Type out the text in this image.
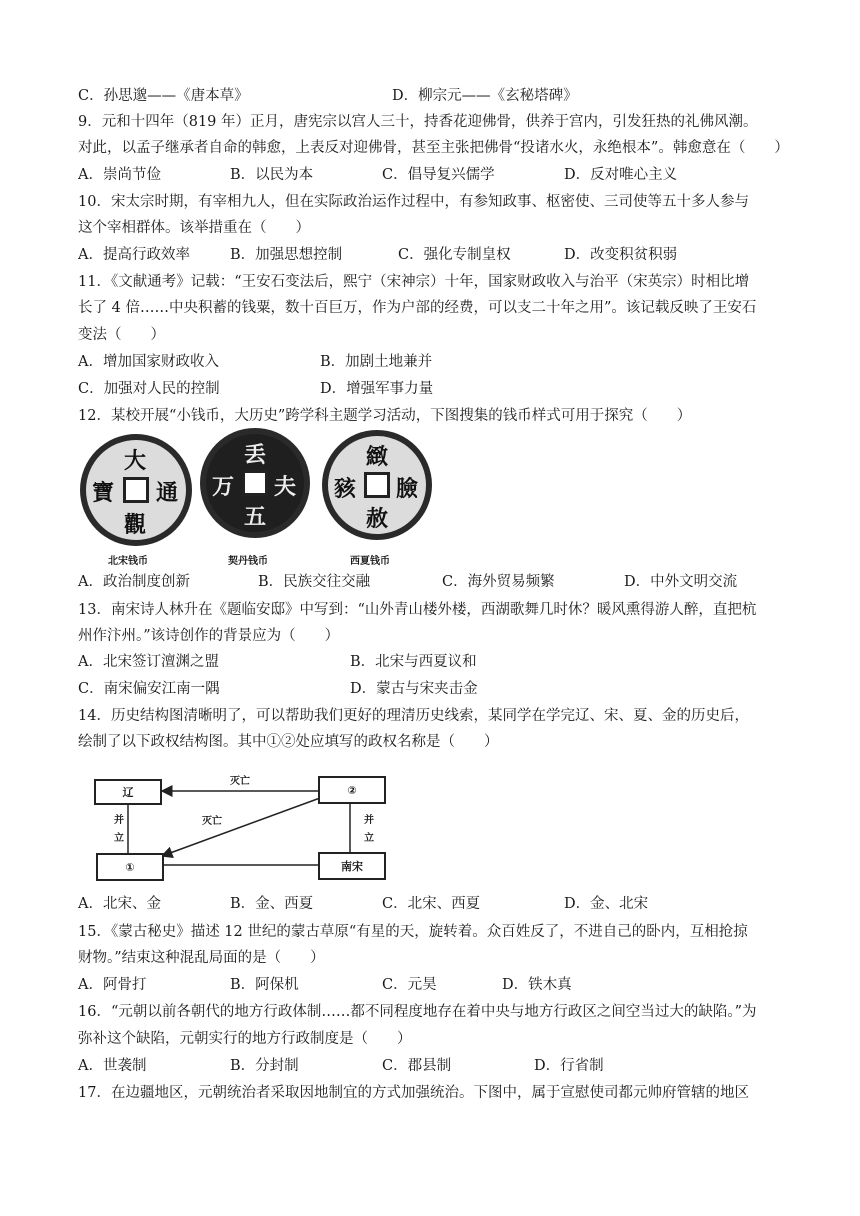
C．孙思邈——《唐本草》	D．柳宗元——《玄秘塔碑》
9．元和十四年（819 年）正月，唐宪宗以宫人三十，持香花迎佛骨，供养于宫内，引发狂热的礼佛风潮。
对此，以孟子继承者自命的韩愈，上表反对迎佛骨，甚至主张把佛骨“投诸水火，永绝根本”。韩愈意在（　　）
A．崇尚节俭	B．以民为本	C．倡导复兴儒学	D．反对唯心主义
10．宋太宗时期，有宰相九人，但在实际政治运作过程中，有参知政事、枢密使、三司使等五十多人参与
这个宰相群体。该举措重在（　　）
A．提高行政效率	B．加强思想控制	C．强化专制皇权	D．改变积贫积弱
11．《文献通考》记载：“王安石变法后，熙宁（宋神宗）十年，国家财政收入与治平（宋英宗）时相比增
长了 4 倍……中央积蓄的钱粟，数十百巨万，作为户部的经费，可以支二十年之用”。该记载反映了王安石
变法（　　）
A．增加国家财政收入	B．加剧土地兼并
C．加强对人民的控制	D．增强军事力量
12．某校开展“小钱币，大历史”跨学科主题学习活动，下图搜集的钱币样式可用于探究（　　）
大
觀
寶 通
北宋钱币
丢
五
万 夫
契丹钱币
緻
赦
豥 臉
西夏钱币
A．政治制度创新	B．民族交往交融	C．海外贸易频繁	D．中外文明交流
13．南宋诗人林升在《题临安邸》中写到：“山外青山楼外楼，西湖歌舞几时休？暖风熏得游人醉，直把杭
州作汴州。”该诗创作的背景应为（　　）
A．北宋签订澶渊之盟	B．北宋与西夏议和
C．南宋偏安江南一隅	D．蒙古与宋夹击金
14．历史结构图清晰明了，可以帮助我们更好的理清历史线索，某同学在学完辽、宋、夏、金的历史后，
绘制了以下政权结构图。其中①②处应填写的政权名称是（　　）
辽	②
①	南宋
灭亡
灭亡
并立
并立
A．北宋、金	B．金、西夏	C．北宋、西夏	D．金、北宋
15．《蒙古秘史》描述 12 世纪的蒙古草原“有星的天，旋转着。众百姓反了，不进自己的卧内，互相抢掠
财物。”结束这种混乱局面的是（　　）
A．阿骨打	B．阿保机	C．元昊	D．铁木真
16．“元朝以前各朝代的地方行政体制……都不同程度地存在着中央与地方行政区之间空当过大的缺陷。”为
弥补这个缺陷，元朝实行的地方行政制度是（　　）
A．世袭制	B．分封制	C．郡县制	D．行省制
17．在边疆地区，元朝统治者采取因地制宜的方式加强统治。下图中，属于宣慰使司都元帅府管辖的地区
